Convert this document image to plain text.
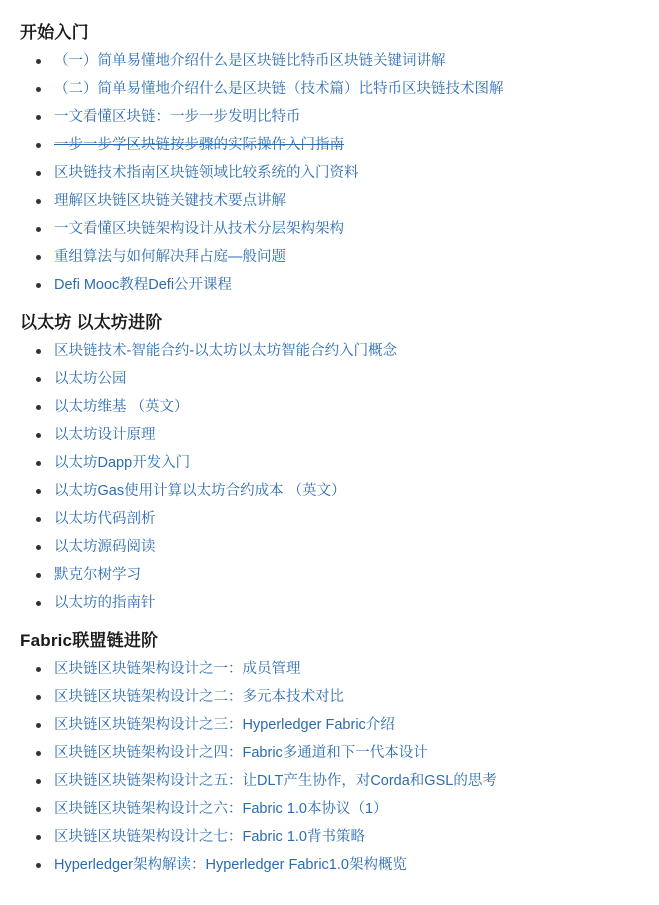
开始入门
（一）简单易懂地介绍什么是区块链比特币区块链关键词讲解
（二）简单易懂地介绍什么是区块链（技术篇）比特币区块链技术图解
一文看懂区块链：一步一步发明比特币
一步一步学区块链按步骤的实际操作入门指南
区块链技术指南区块链领域比较系统的入门资料
理解区块链区块链关键技术要点讲解
一文看懂区块链架构设计从技术分层架构架构
重组算法与如何解决拜占庭—般问题
Defi Mooc教程Defi公开课程
以太坊 以太坊进阶
区块链技术-智能合约-以太坊以太坊智能合约入门概念
以太坊公园
以太坊维基 （英文）
以太坊设计原理
以太坊Dapp开发入门
以太坊Gas使用计算以太坊合约成本 （英文）
以太坊代码剖析
以太坊源码阅读
默克尔树学习
以太坊的指南针
Fabric联盟链进阶
区块链区块链架构设计之一：成员管理
区块链区块链架构设计之二：多元本技术对比
区块链区块链架构设计之三：Hyperledger Fabric介绍
区块链区块链架构设计之四：Fabric多通道和下一代本设计
区块链区块链架构设计之五：让DLT产生协作，对Corda和GSL的思考
区块链区块链架构设计之六：Fabric 1.0本协议（1）
区块链区块链架构设计之七：Fabric 1.0背书策略
Hyperledger架构解读：Hyperledger Fabric1.0架构概览
